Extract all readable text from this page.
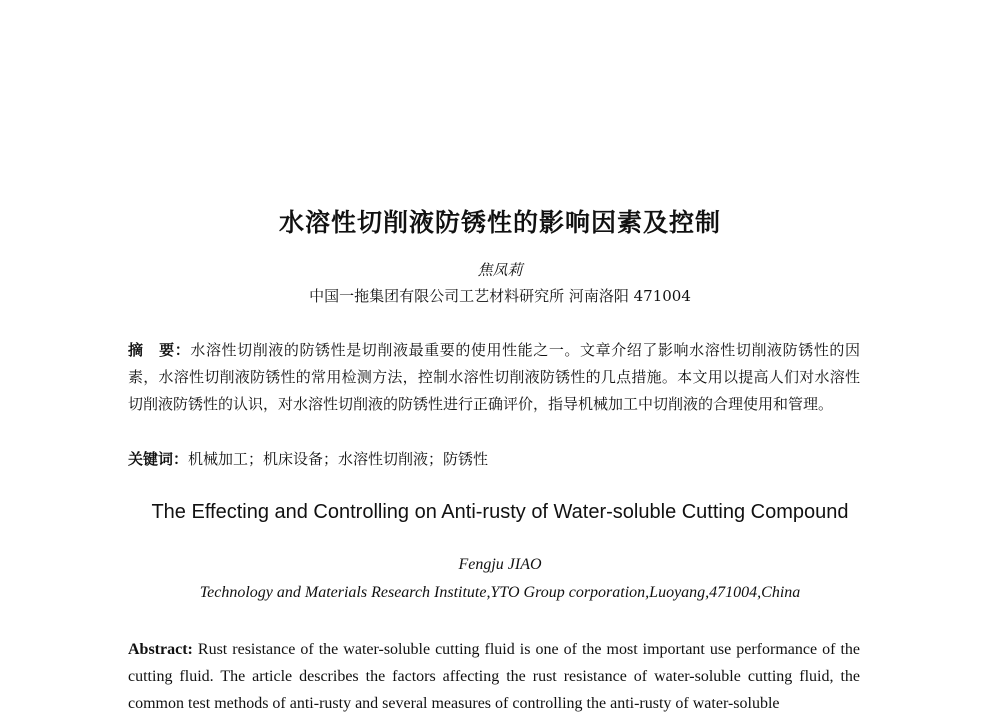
水溶性切削液防锈性的影响因素及控制
焦凤莉
中国一拖集团有限公司工艺材料研究所 河南洛阳 471004
摘　要：水溶性切削液的防锈性是切削液最重要的使用性能之一。文章介绍了影响水溶性切削液防锈性的因素，水溶性切削液防锈性的常用检测方法，控制水溶性切削液防锈性的几点措施。本文用以提高人们对水溶性切削液防锈性的认识，对水溶性切削液的防锈性进行正确评价，指导机械加工中切削液的合理使用和管理。
关键词：机械加工；机床设备；水溶性切削液；防锈性
The Effecting and Controlling on Anti-rusty of Water-soluble Cutting Compound
Fengju JIAO
Technology and Materials Research Institute,YTO Group corporation,Luoyang,471004,China
Abstract: Rust resistance of the water-soluble cutting fluid is one of the most important use performance of the cutting fluid. The article describes the factors affecting the rust resistance of water-soluble cutting fluid, the common test methods of anti-rusty and several measures of controlling the anti-rusty of water-soluble
